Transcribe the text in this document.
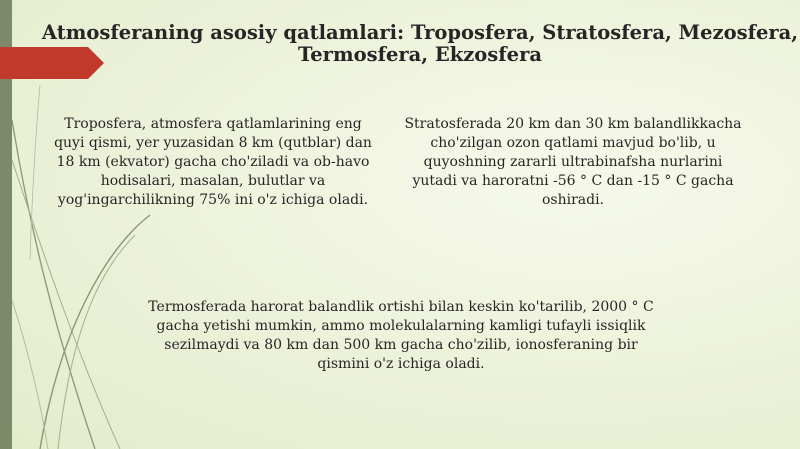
Atmosferaning asosiy qatlamlari: Troposfera, Stratosfera, Mezosfera, Termosfera, Ekzosfera

Troposfera, atmosfera qatlamlarining eng quyi qismi, yer yuzasidan 8 km (qutblar) dan 18 km (ekvator) gacha cho'ziladi va ob-havo hodisalari, masalan, bulutlar va yog'ingarchilikning 75% ini o'z ichiga oladi.

Stratosferada 20 km dan 30 km balandlikkacha cho'zilgan ozon qatlami mavjud bo'lib, u quyoshning zararli ultrabinafsha nurlarini yutadi va haroratni -56 ° C dan -15 ° C gacha oshiradi.

Termosferada harorat balandlik ortishi bilan keskin ko'tarilib, 2000 ° C gacha yetishi mumkin, ammo molekulalarning kamligi tufayli issiqlik sezilmaydi va 80 km dan 500 km gacha cho'zilib, ionosferaning bir qismini o'z ichiga oladi.
